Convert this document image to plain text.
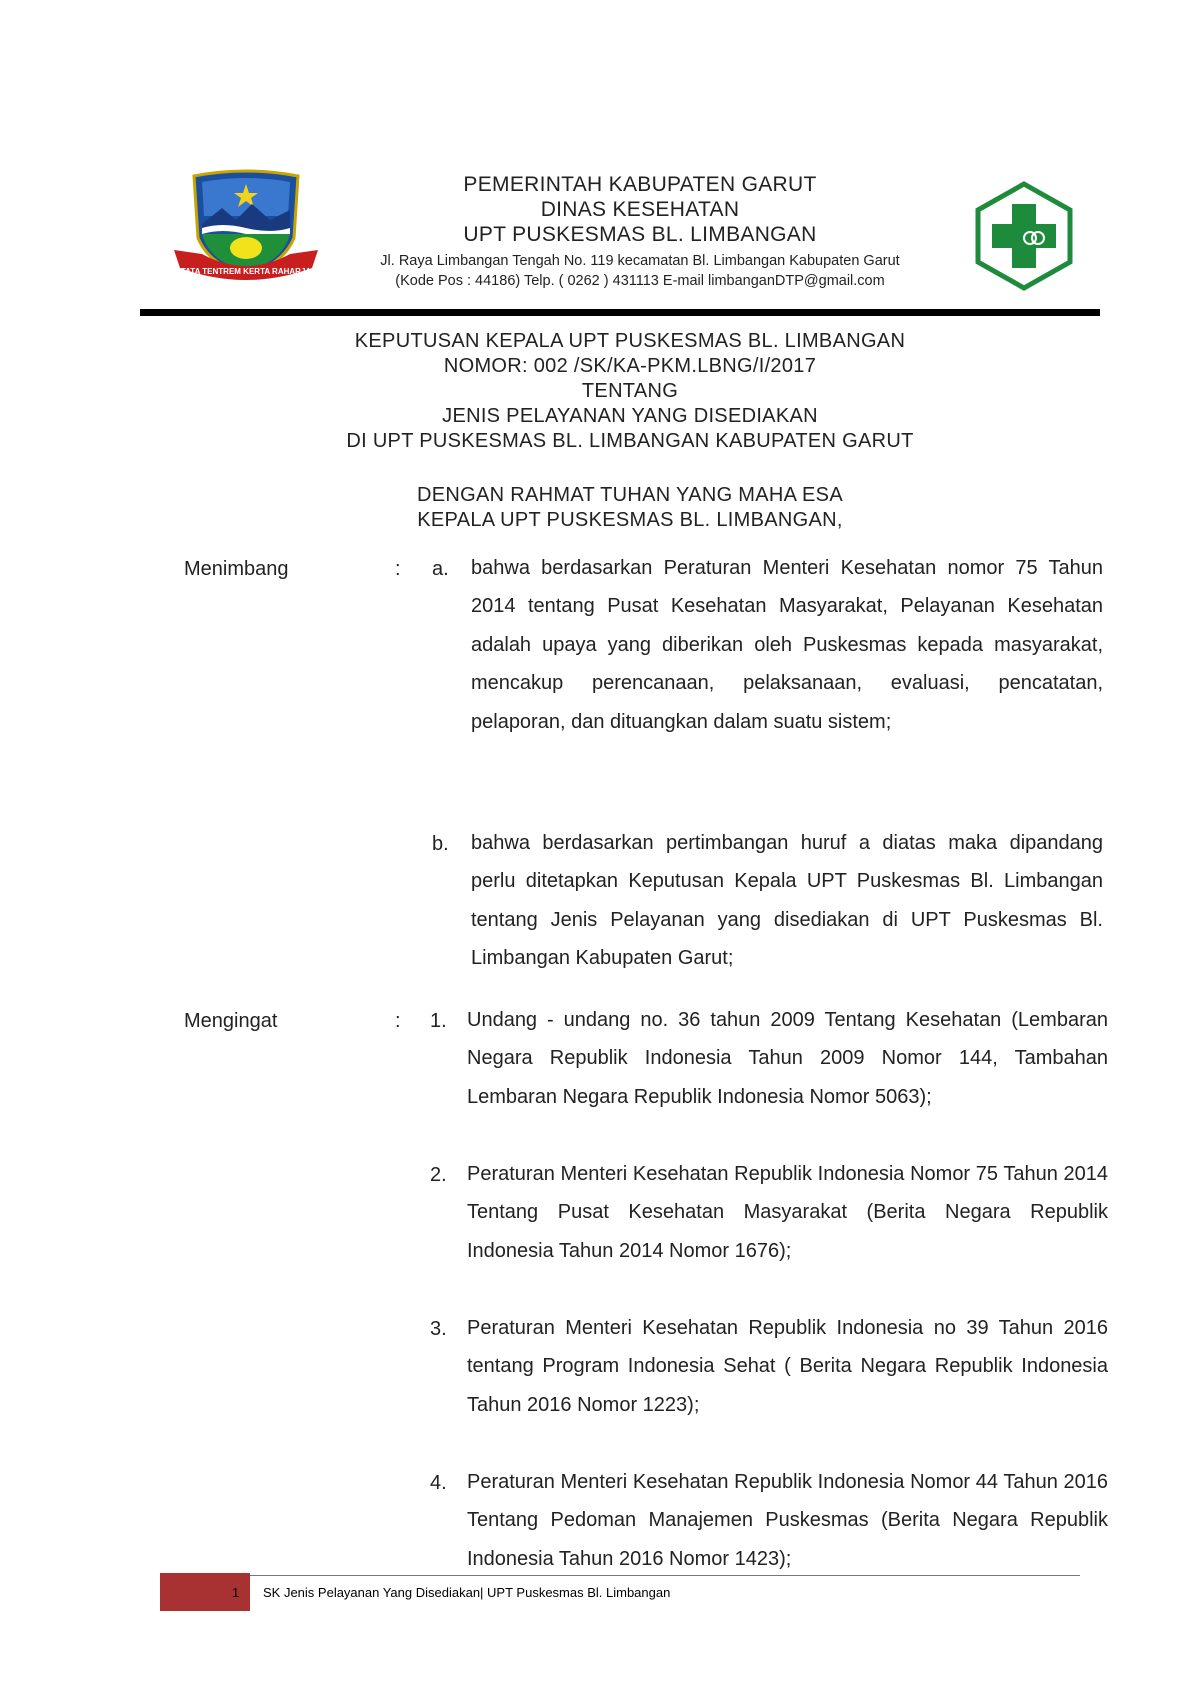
TATA TENTREM KERTA RAHARJA
PEMERINTAH KABUPATEN GARUT
DINAS KESEHATAN
UPT PUSKESMAS BL. LIMBANGAN
Jl. Raya Limbangan Tengah No. 119 kecamatan Bl. Limbangan Kabupaten Garut
(Kode Pos : 44186) Telp. ( 0262 ) 431113 E-mail limbanganDTP@gmail.com
KEPUTUSAN KEPALA UPT PUSKESMAS BL. LIMBANGAN
NOMOR: 002 /SK/KA-PKM.LBNG/I/2017
TENTANG
JENIS PELAYANAN YANG DISEDIAKAN
DI UPT PUSKESMAS BL. LIMBANGAN KABUPATEN GARUT
DENGAN RAHMAT TUHAN YANG MAHA ESA
KEPALA UPT PUSKESMAS BL. LIMBANGAN,
Menimbang	: a. bahwa berdasarkan Peraturan Menteri Kesehatan nomor 75 Tahun 2014 tentang Pusat Kesehatan Masyarakat, Pelayanan Kesehatan adalah upaya yang diberikan oleh Puskesmas kepada masyarakat, mencakup perencanaan, pelaksanaan, evaluasi, pencatatan, pelaporan, dan dituangkan dalam suatu sistem;
b. bahwa berdasarkan pertimbangan huruf a diatas maka dipandang perlu ditetapkan Keputusan Kepala UPT Puskesmas Bl. Limbangan tentang Jenis Pelayanan yang disediakan di UPT Puskesmas Bl. Limbangan Kabupaten Garut;
Mengingat	: 1. Undang - undang no. 36 tahun 2009 Tentang Kesehatan (Lembaran Negara Republik Indonesia Tahun 2009 Nomor 144, Tambahan Lembaran Negara Republik Indonesia Nomor 5063);
2. Peraturan Menteri Kesehatan Republik Indonesia Nomor 75 Tahun 2014 Tentang Pusat Kesehatan Masyarakat (Berita Negara Republik Indonesia Tahun 2014 Nomor 1676);
3. Peraturan Menteri Kesehatan Republik Indonesia no 39 Tahun 2016 tentang Program Indonesia Sehat ( Berita Negara Republik Indonesia Tahun 2016 Nomor 1223);
4. Peraturan Menteri Kesehatan Republik Indonesia Nomor 44 Tahun 2016 Tentang Pedoman Manajemen Puskesmas (Berita Negara Republik Indonesia Tahun 2016 Nomor 1423);
1 SK Jenis Pelayanan Yang Disediakan| UPT Puskesmas Bl. Limbangan
